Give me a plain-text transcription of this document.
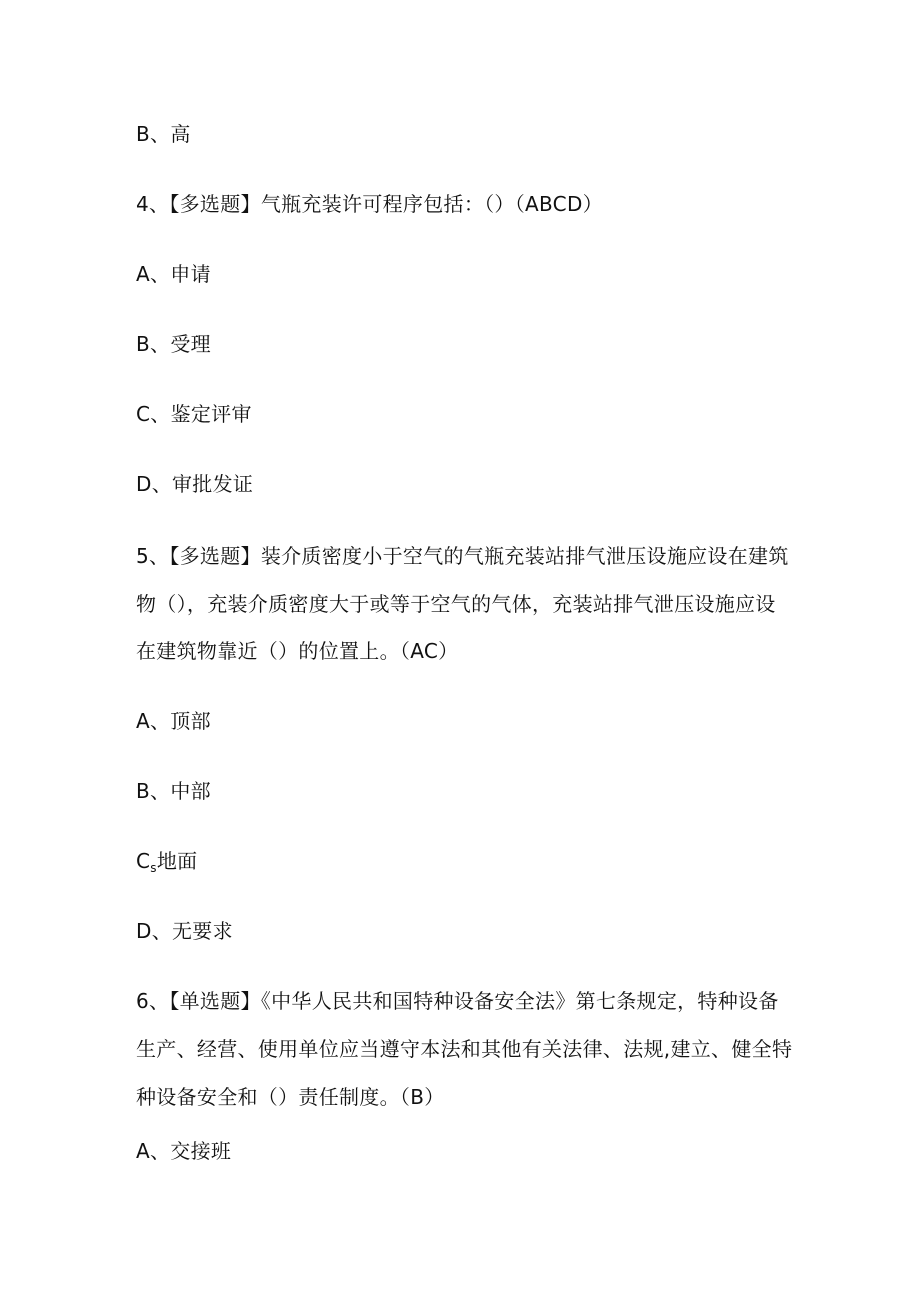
B、高
4、【多选题】气瓶充装许可程序包括：（）（ABCD）
A、申请
B、受理
C、鉴定评审
D、审批发证
5、【多选题】装介质密度小于空气的气瓶充装站排气泄压设施应设在建筑
物（），充装介质密度大于或等于空气的气体，充装站排气泄压设施应设
在建筑物靠近（）的位置上。（AC）
A、顶部
B、中部
$C_s$地面
D、无要求
6、【单选题】《中华人民共和国特种设备安全法》第七条规定，特种设备
生产、经营、使用单位应当遵守本法和其他有关法律、法规,建立、健全特
种设备安全和（）责任制度。（B）
A、交接班
